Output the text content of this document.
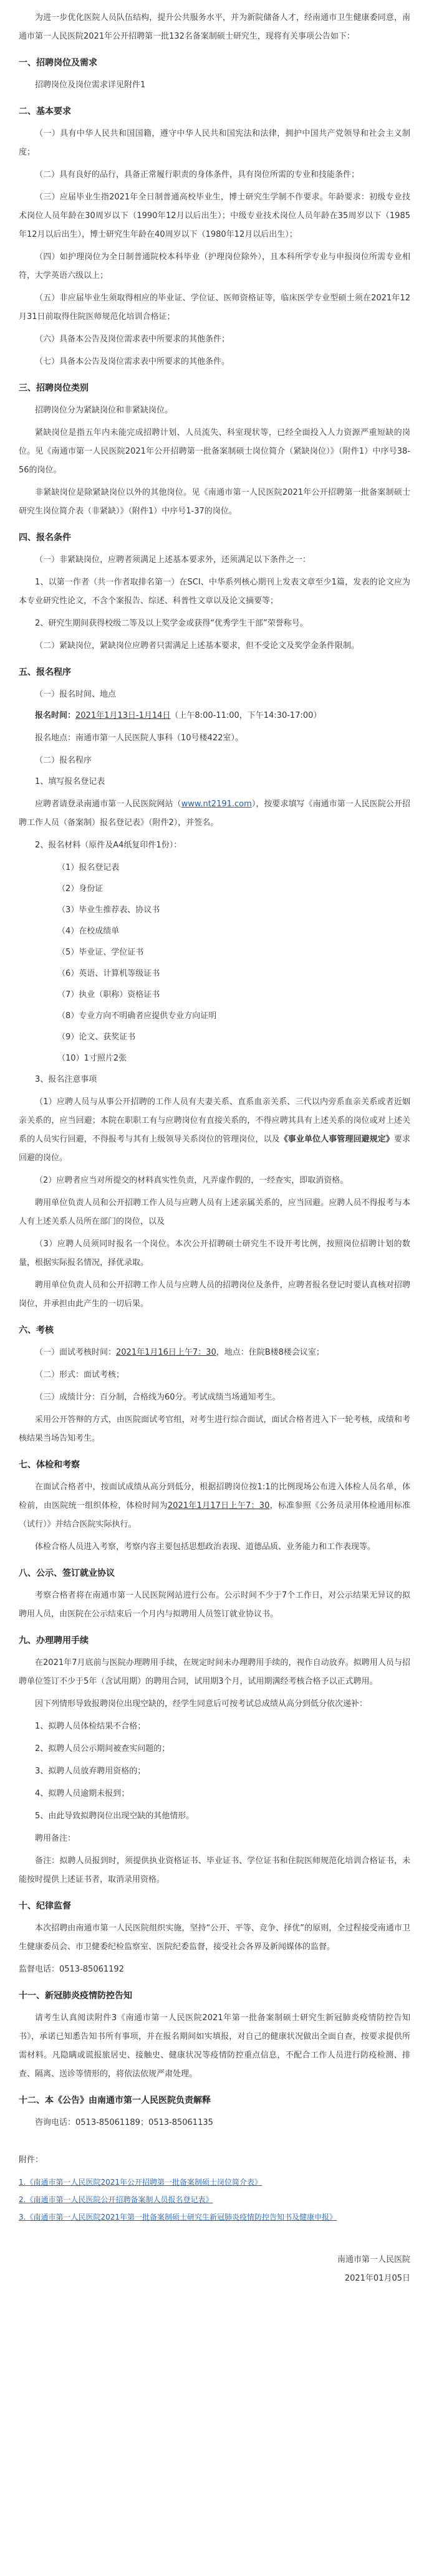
为进一步优化医院人员队伍结构，提升公共服务水平，并为新院储备人才，经南通市卫生健康委同意，南通市第一人民医院2021年公开招聘第一批132名备案制硕士研究生，现将有关事项公告如下：

一、招聘岗位及需求

招聘岗位及岗位需求详见附件1

二、基本要求

（一）具有中华人民共和国国籍，遵守中华人民共和国宪法和法律，拥护中国共产党领导和社会主义制度；

（二）具有良好的品行，具备正常履行职责的身体条件，具有岗位所需的专业和技能条件；

（三）应届毕业生指2021年全日制普通高校毕业生，博士研究生学制不作要求。年龄要求：初级专业技术岗位人员年龄在30周岁以下（1990年12月以后出生）；中级专业技术岗位人员年龄在35周岁以下（1985年12月以后出生），博士研究生年龄在40周岁以下（1980年12月以后出生）；

（四）如护理岗位为全日制普通院校本科毕业（护理岗位除外），且本科所学专业与申报岗位所需专业相符，大学英语六级以上；

（五）非应届毕业生须取得相应的毕业证、学位证、医师资格证等，临床医学专业型硕士须在2021年12月31日前取得住院医师规范化培训合格证；

（六）具备本公告及岗位需求表中所要求的其他条件；

（七）具备本公告及岗位需求表中所要求的其他条件。

三、招聘岗位类别

招聘岗位分为紧缺岗位和非紧缺岗位。

紧缺岗位是指五年内未能完成招聘计划、人员流失、科室现状等，已经全面投入人力资源严重短缺的岗位。见《南通市第一人民医院2021年公开招聘第一批备案制硕士岗位简介（紧缺岗位）》（附件1）中序号38-56的岗位。

非紧缺岗位是除紧缺岗位以外的其他岗位。见《南通市第一人民医院2021年公开招聘第一批备案制硕士研究生岗位简介表（非紧缺）》（附件1）中序号1-37的岗位。

四、报名条件

（一）非紧缺岗位，应聘者须满足上述基本要求外，还须满足以下条件之一：

1、以第一作者（共一作者取排名第一）在SCI、中华系列核心期刊上发表文章至少1篇，发表的论文应为本专业研究性论文，不含个案报告、综述、科普性文章以及论文摘要等；

2、研究生期间获得校级二等及以上奖学金或获得“优秀学生干部”荣誉称号。

（二）紧缺岗位，紧缺岗位应聘者只需满足上述基本要求，但不受论文及奖学金条件限制。

五、报名程序

（一）报名时间、地点

报名时间：2021年1月13日-1月14日（上午8:00-11:00，下午14:30-17:00）

报名地点：南通市第一人民医院人事科（10号楼422室）。

（二）报名程序

1、填写报名登记表

应聘者请登录南通市第一人民医院网站（www.nt2191.com），按要求填写《南通市第一人民医院公开招聘工作人员（备案制）报名登记表》（附件2），并签名。

2、报名材料（原件及A4纸复印件1份）：

（1）报名登记表

（2）身份证

（3）毕业生推荐表、协议书

（4）在校成绩单

（5）毕业证、学位证书

（6）英语、计算机等级证书

（7）执业（职称）资格证书

（8）专业方向不明确者应提供专业方向证明

（9）论文、获奖证书

（10）1寸照片2张

3、报名注意事项

（1）应聘人员与从事公开招聘的工作人员有夫妻关系、直系血亲关系、三代以内旁系血亲关系或者近姻亲关系的，应当回避；本院在职职工有与应聘岗位有直接关系的，不得应聘其具有上述关系的岗位或对上述关系的人员实行回避，不得报考与其有上级领导关系岗位的管理岗位，以及《事业单位人事管理回避规定》要求回避的岗位。

（2）应聘者应当对所提交的材料真实性负责，凡弄虚作假的，一经查实，即取消资格。

聘用单位负责人员和公开招聘工作人员与应聘人员有上述亲属关系的，应当回避。应聘人员不得报考与本人有上述关系人员所在部门的岗位，以及

（3）应聘人员须同时报名一个岗位。本次公开招聘硕士研究生不设开考比例，按照岗位招聘计划的数量，根据实际报名情况，择优录取。

聘用单位负责人员和公开招聘工作人员与应聘人员的招聘岗位及条件，应聘者报名登记时要认真核对招聘岗位，并承担由此产生的一切后果。

六、考核

（一）面试考核时间：2021年1月16日上午7：30，地点：住院B楼8楼会议室；

（二）形式：面试考核；

（三）成绩计分：百分制，合格线为60分。考试成绩当场通知考生。

采用公开答辩的方式，由医院面试考官组，对考生进行综合面试，面试合格者进入下一轮考核，成绩和考核结果当场告知考生。

七、体检和考察

在面试合格者中，按面试成绩从高分到低分，根据招聘岗位按1:1的比例现场公布进入体检人员名单，体检前，由医院统一组织体检，体检时间为2021年1月17日上午7：30，标准参照《公务员录用体检通用标准（试行）》并结合医院实际执行。

体检合格人员进入考察，考察内容主要包括思想政治表现、道德品质、业务能力和工作表现等。

八、公示、签订就业协议

考察合格者将在南通市第一人民医院网站进行公布。公示时间不少于7个工作日，对公示结果无异议的拟聘用人员，由医院在公示结束后一个月内与拟聘用人员签订就业协议书。

九、办理聘用手续

在2021年7月底前与医院办理聘用手续，在规定时间未办理聘用手续的，视作自动放弃。拟聘用人员与招聘单位签订不少于5年（含试用期）的聘用合同，试用期3个月，试用期满经考核合格予以正式聘用。

因下列情形导致报聘岗位出现空缺的，经学生同意后可按考试总成绩从高分到低分依次递补：

1、拟聘人员体检结果不合格；

2、拟聘人员公示期间被查实问题的；

3、拟聘人员放弃聘用资格的；

4、拟聘人员逾期未报到；

5、由此导致拟聘岗位出现空缺的其他情形。

聘用备注：

备注：拟聘人员报到时，须提供执业资格证书、毕业证书、学位证书和住院医师规范化培训合格证书，未能按时提供上述证书者，取消录用资格。

十、纪律监督

本次招聘由南通市第一人民医院组织实施，坚持“公开、平等、竞争、择优”的原则，全过程接受南通市卫生健康委员会、市卫健委纪检监察室、医院纪委监督，接受社会各界及新闻媒体的监督。

监督电话：0513-85061192

十一、新冠肺炎疫情防控告知

请考生认真阅读附件3《南通市第一人民医院2021年第一批备案制硕士研究生新冠肺炎疫情防控告知书》，承诺已知悉告知书所有事项，并在报名期间如实填报，对自己的健康状况做出全面自查，按要求提供所需材料。凡隐瞒或谎报旅居史、接触史、健康状况等疫情防控重点信息，不配合工作人员进行防疫检测、排查、隔离、送诊等情形的，将依法依规严肃处理。

十二、本《公告》由南通市第一人民医院负责解释

咨询电话：0513-85061189；0513-85061135

附件：

1.《南通市第一人民医院2021年公开招聘第一批备案制硕士岗位简介表》

2.《南通市第一人民医院公开招聘备案制人员报名登记表》

3.《南通市第一人民医院2021年第一批备案制硕士研究生新冠肺炎疫情防控告知书及健康申报》

南通市第一人民医院

2021年01月05日
